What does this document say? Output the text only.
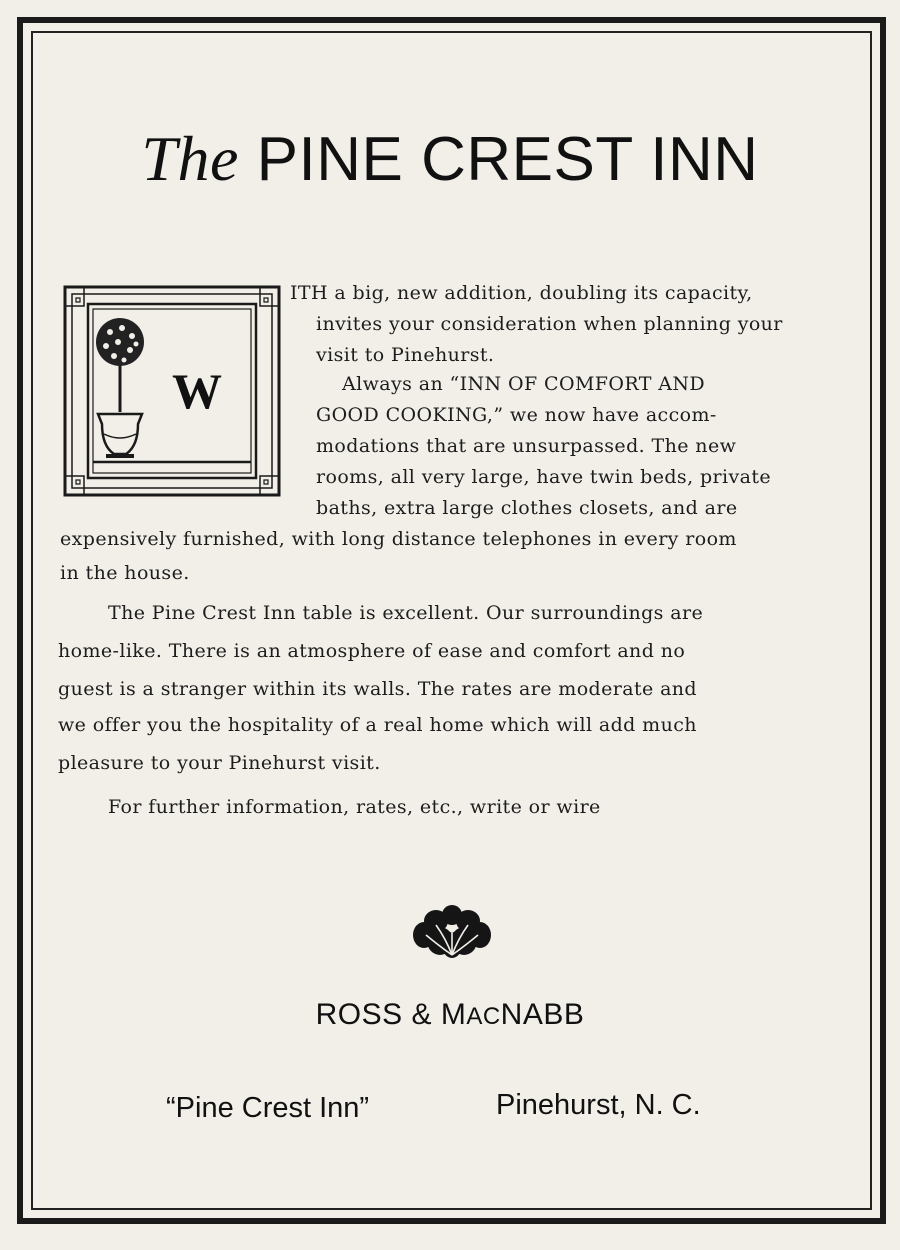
The PINE CREST INN
W
ITH a big, new addition, doubling its capacity,
invites your consideration when planning your
visit to Pinehurst.
Always an “INN OF COMFORT AND
GOOD COOKING,” we now have accom-
modations that are unsurpassed. The new
rooms, all very large, have twin beds, private
baths, extra large clothes closets, and are
expensively furnished, with long distance telephones in every room
in the house.
The Pine Crest Inn table is excellent. Our surroundings are
home-like. There is an atmosphere of ease and comfort and no
guest is a stranger within its walls. The rates are moderate and
we offer you the hospitality of a real home which will add much
pleasure to your Pinehurst visit.
For further information, rates, etc., write or wire

ROSS & MACNABB

“Pine Crest Inn”	Pinehurst, N. C.
